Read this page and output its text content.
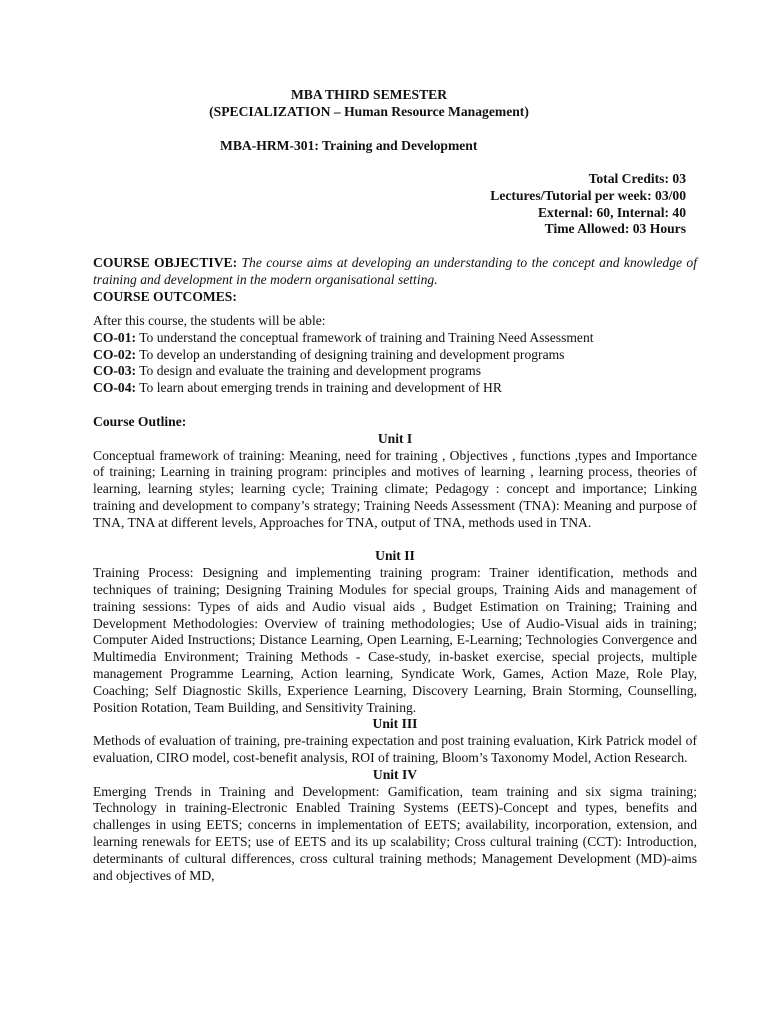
MBA THIRD SEMESTER
(SPECIALIZATION – Human Resource Management)
MBA-HRM-301: Training and Development
Total Credits: 03
Lectures/Tutorial per week: 03/00
External: 60, Internal: 40
Time Allowed: 03 Hours

COURSE OBJECTIVE: The course aims at developing an understanding to the concept and knowledge of training and development in the modern organisational setting.

COURSE OUTCOMES:

After this course, the students will be able:

CO-01: To understand the conceptual framework of training and Training Need Assessment

CO-02: To develop an understanding of designing training and development programs

CO-03: To design and evaluate the training and development programs

CO-04: To learn about emerging trends in training and development of HR

Course Outline:

Unit I

Conceptual framework of training: Meaning, need for training , Objectives , functions ,types and Importance of training; Learning in training program: principles and motives of learning , learning process, theories of learning, learning styles; learning cycle; Training climate; Pedagogy : concept and importance; Linking training and development to company’s strategy; Training Needs Assessment (TNA): Meaning and purpose of TNA, TNA at different levels, Approaches for TNA, output of TNA, methods used in TNA.

Unit II

Training Process: Designing and implementing training program: Trainer identification, methods and techniques of training; Designing Training Modules for special groups, Training Aids and management of training sessions: Types of aids and Audio visual aids , Budget Estimation on Training; Training and Development Methodologies: Overview of training methodologies; Use of Audio-Visual aids in training; Computer Aided Instructions; Distance Learning, Open Learning, E-Learning; Technologies Convergence and Multimedia Environment; Training Methods - Case-study, in-basket exercise, special projects, multiple management Programme Learning, Action learning, Syndicate Work, Games, Action Maze, Role Play, Coaching; Self Diagnostic Skills, Experience Learning, Discovery Learning, Brain Storming, Counselling, Position Rotation, Team Building, and Sensitivity Training.

Unit III

Methods of evaluation of training, pre-training expectation and post training evaluation, Kirk Patrick model of evaluation, CIRO model, cost-benefit analysis, ROI of training, Bloom’s Taxonomy Model, Action Research.

Unit IV

Emerging Trends in Training and Development: Gamification, team training and six sigma training; Technology in training-Electronic Enabled Training Systems (EETS)-Concept and types, benefits and challenges in using EETS; concerns in implementation of EETS; availability, incorporation, extension, and learning renewals for EETS; use of EETS and its up scalability; Cross cultural training (CCT): Introduction, determinants of cultural differences, cross cultural training methods; Management Development (MD)-aims and objectives of MD,
